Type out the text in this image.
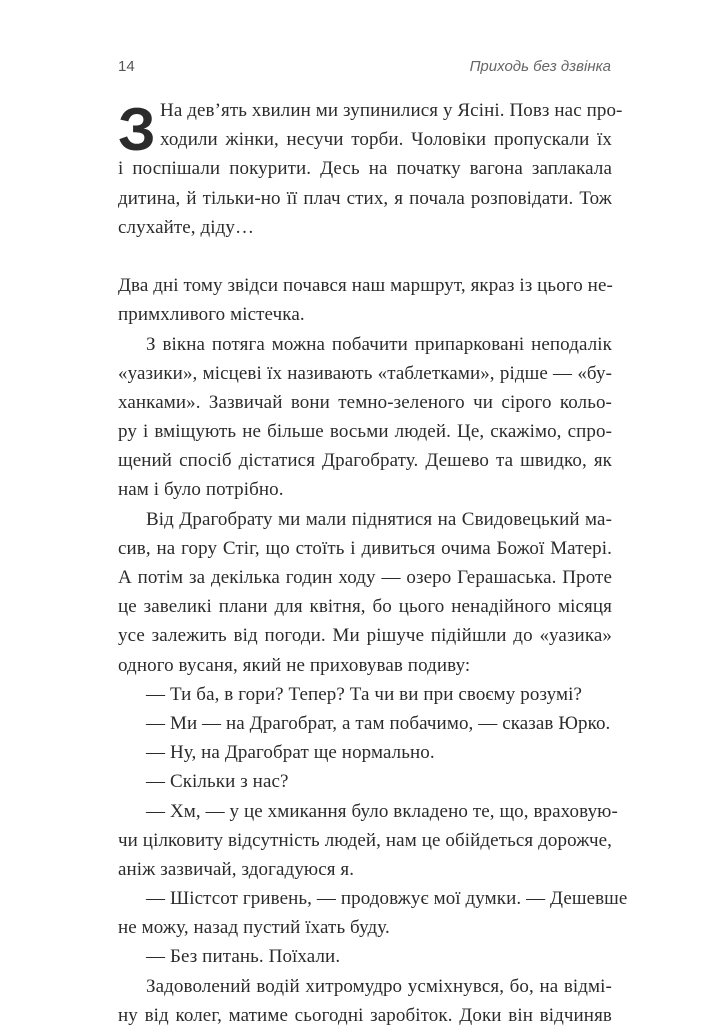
14	Приходь без дзвінка
З На дев’ять хвилин ми зупинилися у Ясіні. Повз нас про-
ходили жінки, несучи торби. Чоловіки пропускали їх
і поспішали покурити. Десь на початку вагона заплакала
дитина, й тільки-но її плач стих, я почала розповідати. Тож
слухайте, діду…
Два дні тому звідси почався наш маршрут, якраз із цього не-
примхливого містечка.
З вікна потяга можна побачити припарковані неподалік
«уазики», місцеві їх називають «таблетками», рідше — «бу-
ханками». Зазвичай вони темно-зеленого чи сірого кольо-
ру і вміщують не більше восьми людей. Це, скажімо, спро-
щений спосіб дістатися Драгобрату. Дешево та швидко, як
нам і було потрібно.
Від Драгобрату ми мали піднятися на Свидовецький ма-
сив, на гору Стіг, що стоїть і дивиться очима Божої Матері.
А потім за декілька годин ходу — озеро Герашаська. Проте
це завеликі плани для квітня, бо цього ненадійного місяця
усе залежить від погоди. Ми рішуче підійшли до «уазика»
одного вусаня, який не приховував подиву:
— Ти ба, в гори? Тепер? Та чи ви при своєму розумі?
— Ми — на Драгобрат, а там побачимо, — сказав Юрко.
— Ну, на Драгобрат ще нормально.
— Скільки з нас?
— Хм, — у це хмикання було вкладено те, що, враховую-
чи цілковиту відсутність людей, нам це обійдеться дорожче,
аніж зазвичай, здогадуюся я.
— Шістсот гривень, — продовжує мої думки. — Дешевше
не можу, назад пустий їхать буду.
— Без питань. Поїхали.
Задоволений водій хитромудро усміхнувся, бо, на відмі-
ну від колег, матиме сьогодні заробіток. Доки він відчиняв
